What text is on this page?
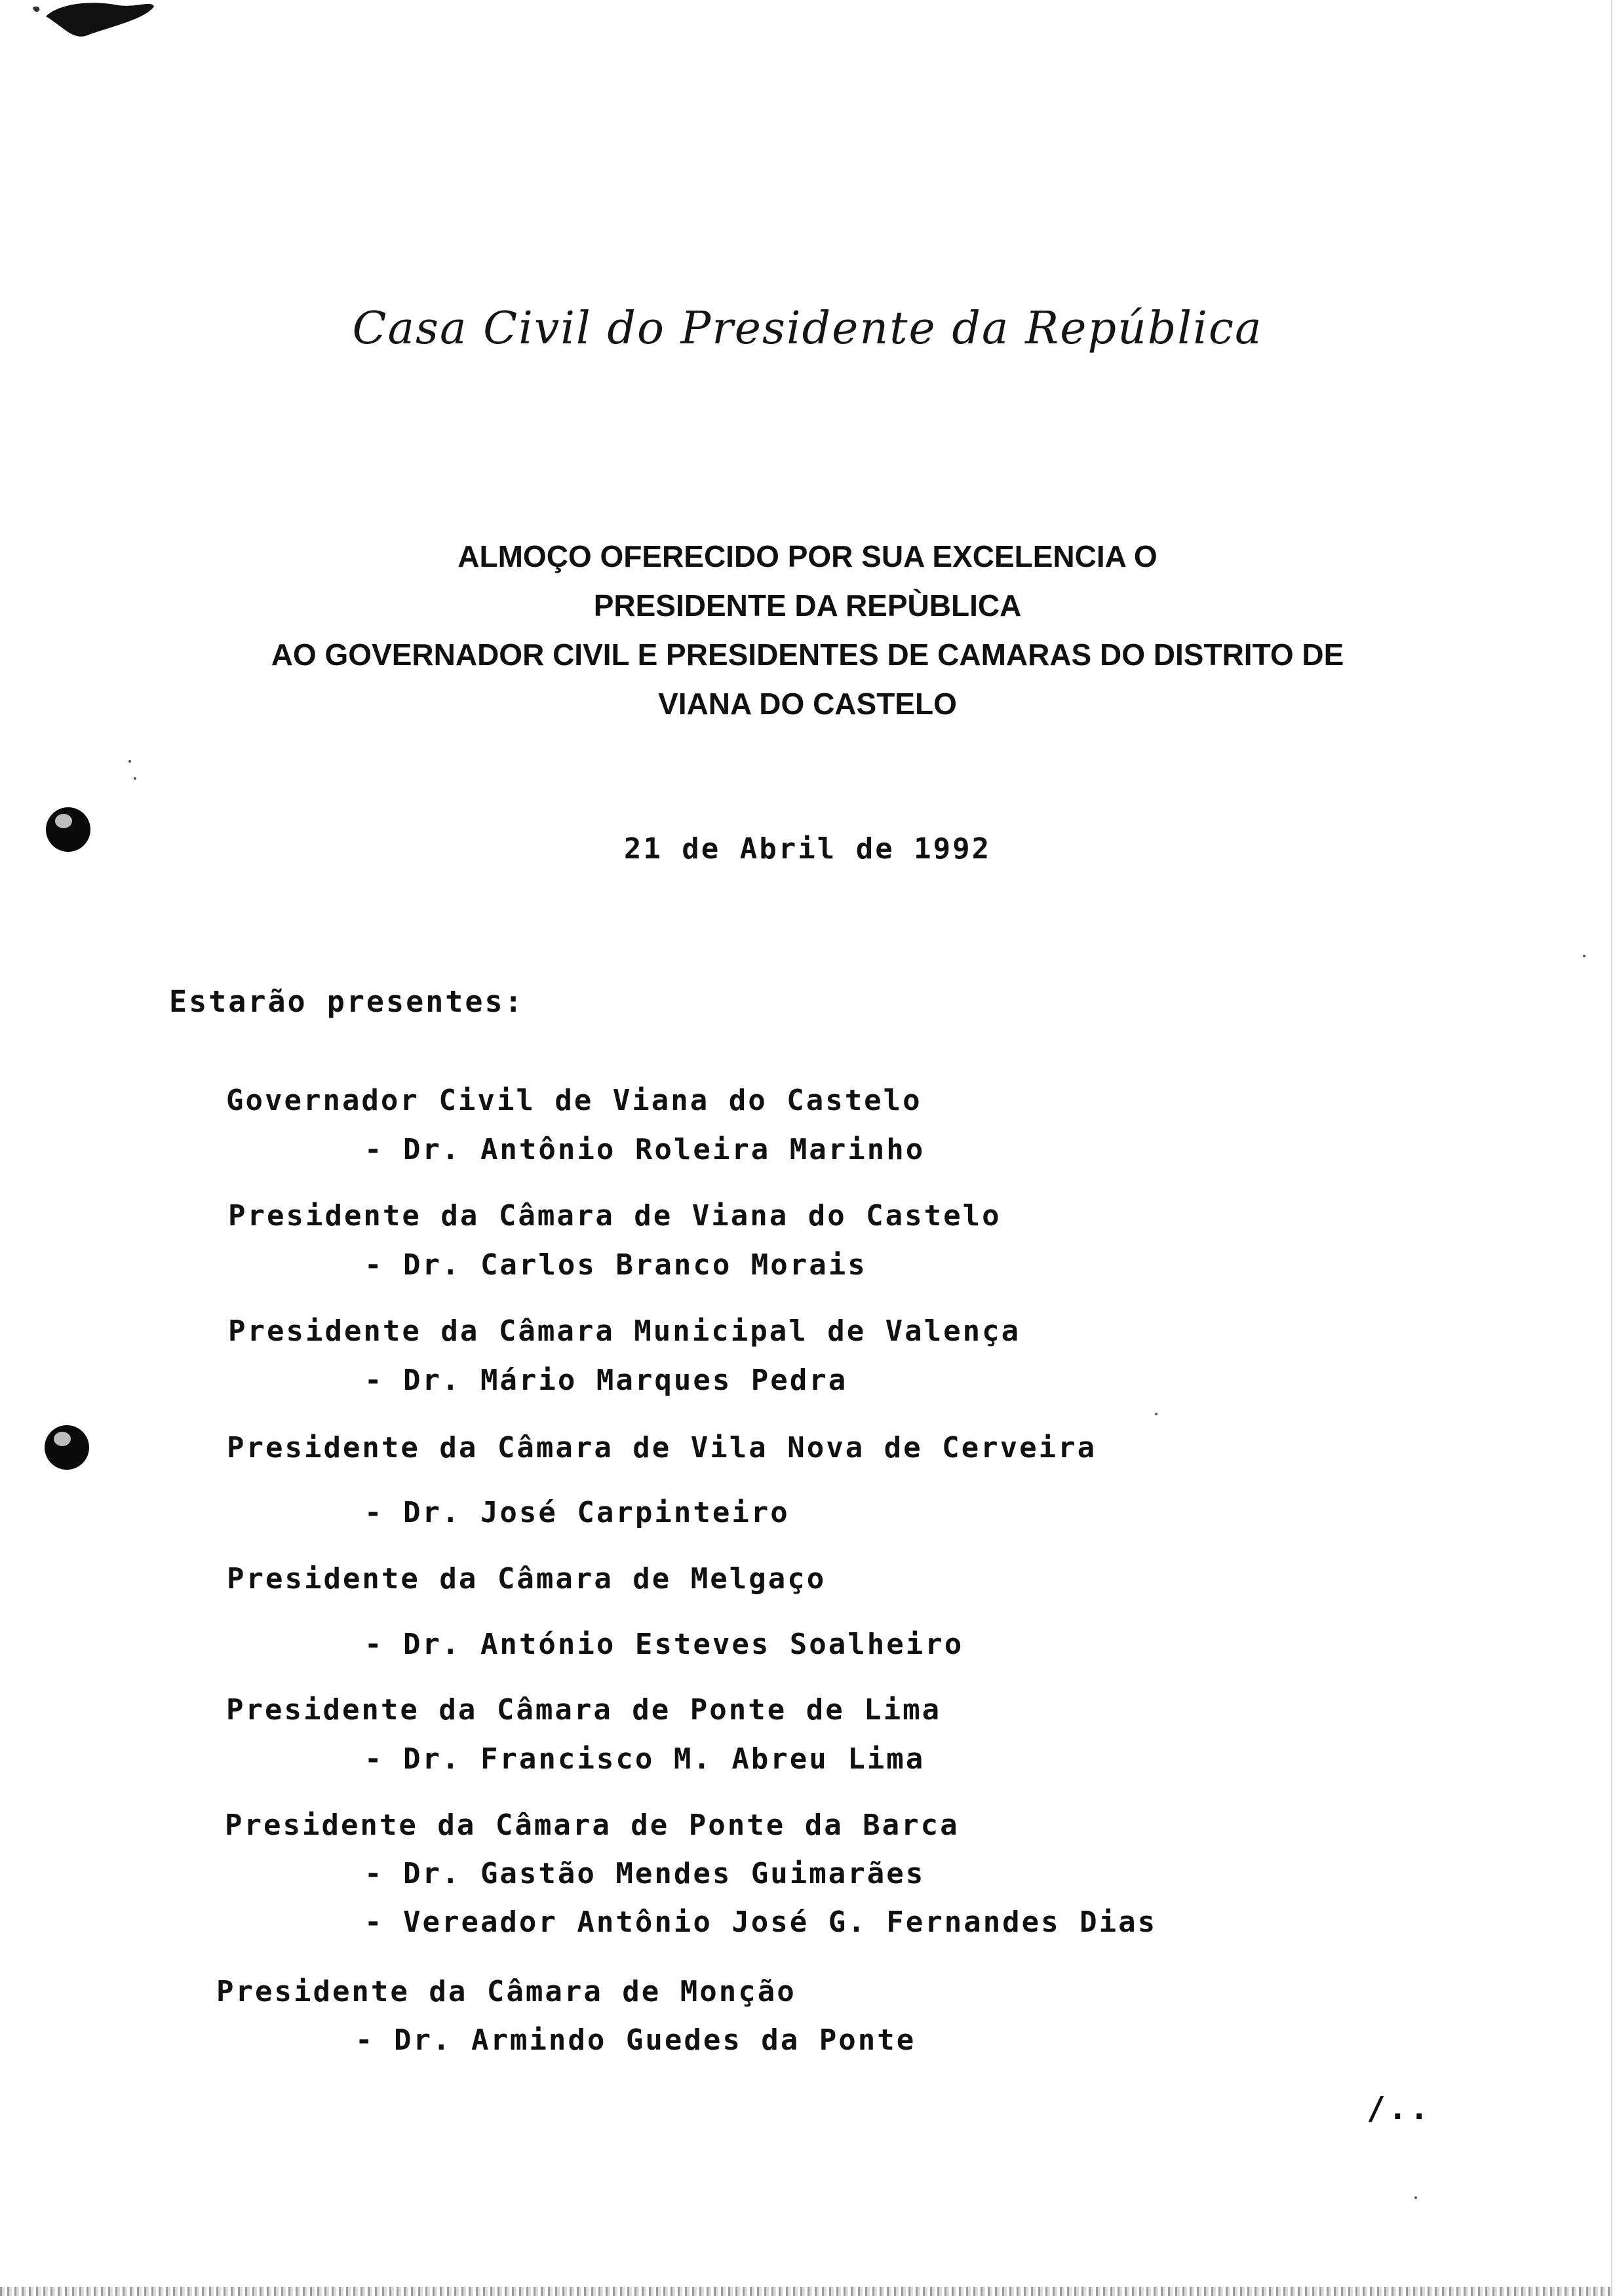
Casa Civil do Presidente da República
ALMOÇO OFERECIDO POR SUA EXCELENCIA O
PRESIDENTE DA REPÙBLICA
AO GOVERNADOR CIVIL E PRESIDENTES DE CAMARAS DO DISTRITO DE
VIANA DO CASTELO
21 de Abril de 1992
Estarão presentes:
Governador Civil de Viana do Castelo
- Dr. Antônio Roleira Marinho
Presidente da Câmara de Viana do Castelo
- Dr. Carlos Branco Morais
Presidente da Câmara Municipal de Valença
- Dr. Mário Marques Pedra
Presidente da Câmara de Vila Nova de Cerveira
- Dr. José Carpinteiro
Presidente da Câmara de Melgaço
- Dr. António Esteves Soalheiro
Presidente da Câmara de Ponte de Lima
- Dr. Francisco M. Abreu Lima
Presidente da Câmara de Ponte da Barca
- Dr. Gastão Mendes Guimarães
- Vereador Antônio José G. Fernandes Dias
Presidente da Câmara de Monção
- Dr. Armindo Guedes da Ponte
/..
